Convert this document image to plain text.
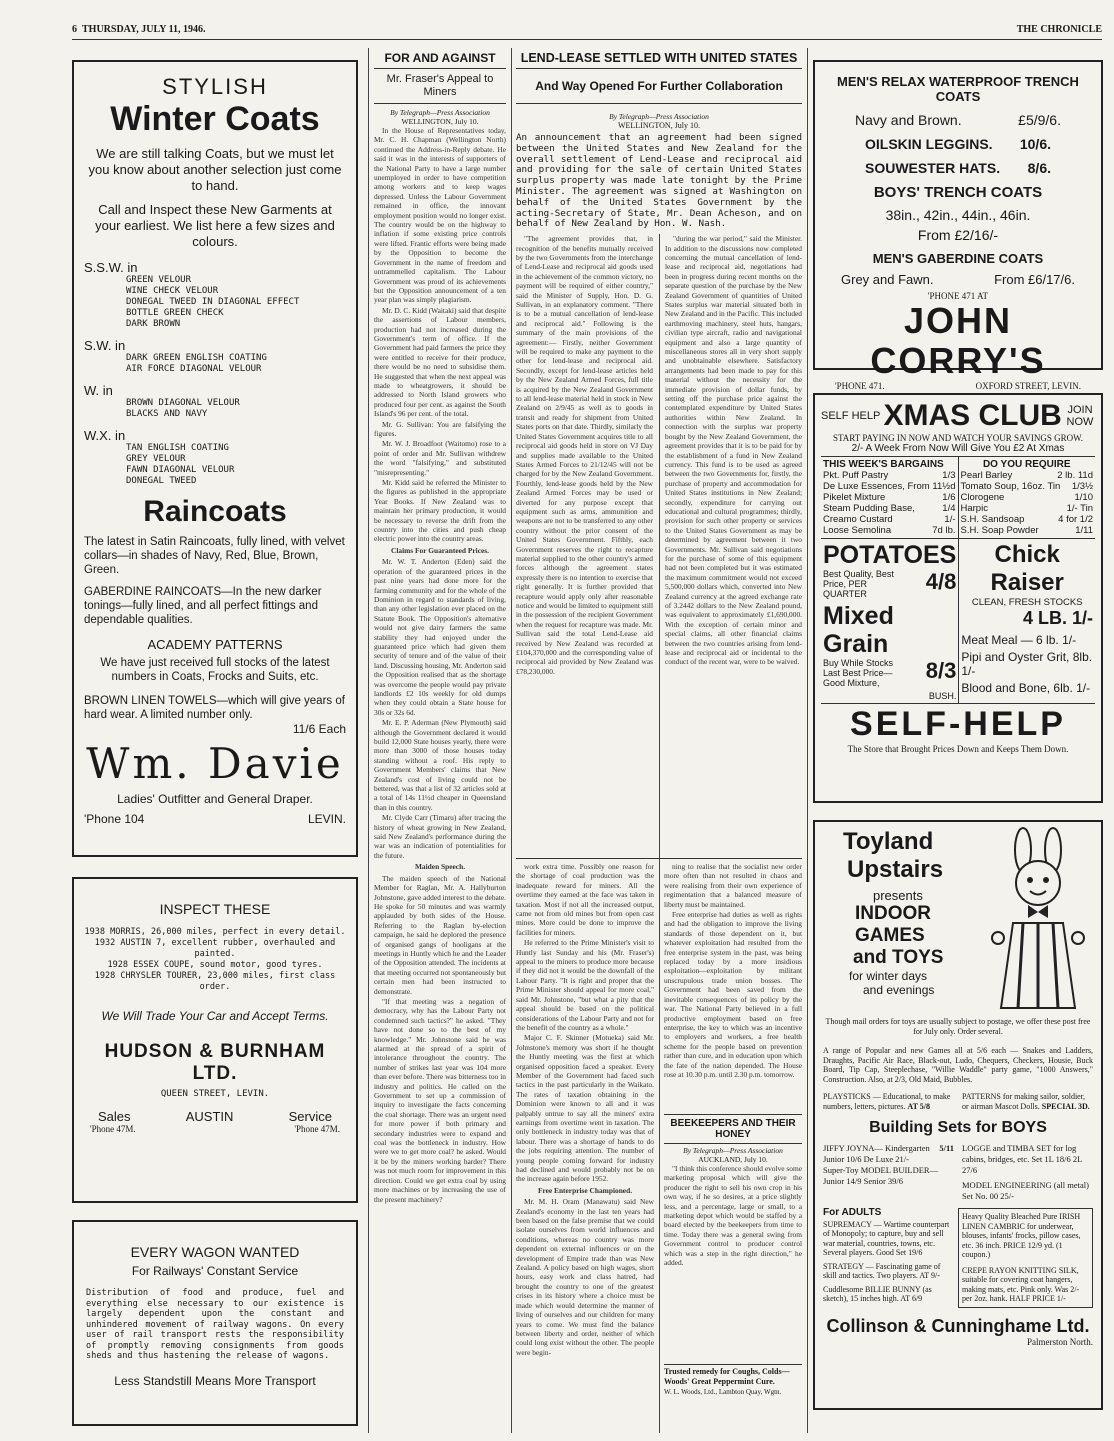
6 THURSDAY, JULY 11, 1946.	THE CHRONICLE
STYLISH
Winter Coats
We are still talking Coats, but we must let you know about another selection just come to hand.
Call and Inspect these New Garments at your earliest. We list here a few sizes and colours.
S.S.W. in
GREEN VELOUR
WINE CHECK VELOUR
DONEGAL TWEED IN DIAGONAL EFFECT
BOTTLE GREEN CHECK
DARK BROWN
S.W. in
DARK GREEN ENGLISH COATING
AIR FORCE DIAGONAL VELOUR
W. in
BROWN DIAGONAL VELOUR
BLACKS AND NAVY
W.X. in
TAN ENGLISH COATING
GREY VELOUR
FAWN DIAGONAL VELOUR
DONEGAL TWEED
Raincoats
The latest in Satin Raincoats, fully lined, with velvet collars—in shades of Navy, Red, Blue, Brown, Green.
GABERDINE RAINCOATS—In the new darker tonings—fully lined, and all perfect fittings and dependable qualities.
ACADEMY PATTERNS
We have just received full stocks of the latest numbers in Coats, Frocks and Suits, etc.
BROWN LINEN TOWELS—which will give years of hard wear. A limited number only.
11/6 Each
Wm. Davie
Ladies' Outfitter and General Draper.
'Phone 104	LEVIN.
INSPECT THESE
1938 MORRIS, 26,000 miles, perfect in every detail.
1932 AUSTIN 7, excellent rubber, overhauled and painted.
1928 ESSEX COUPE, sound motor, good tyres.
1928 CHRYSLER TOURER, 23,000 miles, first class order.
We Will Trade Your Car and Accept Terms.
HUDSON & BURNHAM LTD.
QUEEN STREET, LEVIN.
Sales	AUSTIN	Service
'Phone 47M.	'Phone 47M.
EVERY WAGON WANTED
For Railways' Constant Service
Distribution of food and produce, fuel and everything else necessary to our existence is largely dependent upon the constant and unhindered movement of railway wagons. On every user of rail transport rests the responsibility of promptly removing consignments from goods sheds and thus hastening the release of wagons.
Less Standstill Means More Transport
FOR AND AGAINST
Mr. Fraser's Appeal to Miners
By Telegraph—Press Association
WELLINGTON, July 10.

In the House of Representatives today, Mr. C. H. Chapman (Wellington North) continued the Address-in-Reply debate. He said it was in the interests of supporters of the National Party to have a large number unemployed in order to have competition among workers and to keep wages depressed. Unless the Labour Government remained in office, the innovant employment position would no longer exist. The country would be on the highway to inflation if some existing price controls were lifted. Frantic efforts were being made by the Opposition to become the Government in the name of freedom and untrammelled capitalism. The Labour Government was proud of its achievements but the Opposition announcement of a ten year plan was simply plagiarism.

Mr. D. C. Kidd (Waitaki) said that despite the assertions of Labour members, production had not increased during the Government's term of office. If the Government had paid farmers the price they were entitled to receive for their produce, there would be no need to subsidise them. He suggested that when the next appeal was made to wheatgrowers, it should be addressed to North Island growers who produced four per cent. as against the South Island's 96 per cent. of the total.

Mr. G. Sullivan: You are falsifying the figures.

Mr. W. J. Broadfoot (Waitomo) rose to a point of order and Mr. Sullivan withdrew the word "falsifying," and substituted "misrepresenting."

Mr. Kidd said he referred the Minister to the figures as published in the appropriate Year Books. If New Zealand was to maintain her primary production, it would be necessary to reverse the drift from the country into the cities and push cheap electric power into the country areas.

Claims For Guaranteed Prices.

Mr. W. T. Anderton (Eden) said the operation of the guaranteed prices in the past nine years had done more for the farming community and for the whole of the Dominion in regard to standards of living, than any other legislation ever placed on the Statute Book. The Opposition's alternative would not give dairy farmers the same stability they had enjoyed under the guaranteed price which had given them security of tenure and of the value of their land. Discussing housing, Mr. Anderton said the Opposition realised that as the shortage was overcome the people would pay private landlords £2 10s weekly for old dumps when they could obtain a State house for 30s or 32s 6d.

Mr. E. P. Aderman (New Plymouth) said although the Government declared it would build 12,000 State houses yearly, there were more than 3000 of those houses today standing without a roof. His reply to Government Members' claims that New Zealand's cost of living could not be bettered, was that a list of 32 articles sold at a total of 14s 11½d cheaper in Queensland than in this country.

Mr. Clyde Carr (Timaru) after tracing the history of wheat growing in New Zealand, said New Zealand's performance during the war was an indication of potentialities for the future.

Maiden Speech.

The maiden speech of the National Member for Raglan, Mr. A. Hallyburton Johnstone, gave added interest to the debate. He spoke for 50 minutes and was warmly applauded by both sides of the House. Referring to the Raglan by-election campaign, he said he deplored the presence of organised gangs of hooligans at the meetings in Huntly which he and the Leader of the Opposition attended. The incidents at that meeting occurred not spontaneously but certain men had been instructed to demonstrate.

"If that meeting was a negation of democracy, why has the Labour Party not condemned such tactics?" he asked. "They have not done so to the best of my knowledge." Mr. Johnstone said he was alarmed at the spread of a spirit of intolerance throughout the country. The number of strikes last year was 104 more than ever before. There was bitterness too in industry and politics. He called on the Government to set up a commission of inquiry to investigate the facts concerning the coal shortage. There was an urgent need for more power if both primary and secondary industries were to expand and coal was the bottleneck in industry. How were we to get more coal? he asked. Would it be by the miners working harder? There was not much room for improvement in this direction. Could we get extra coal by using more machines or by increasing the use of the present machinery?

LEND-LEASE SETTLED WITH UNITED STATES
And Way Opened For Further Collaboration
By Telegraph—Press Association
WELLINGTON, July 10.
An announcement that an agreement had been signed between the United States and New Zealand for the overall settlement of Lend-Lease and reciprocal aid and providing for the sale of certain United States surplus property was made late tonight by the Prime Minister. The agreement was signed at Washington on behalf of the United States Government by the acting-Secretary of State, Mr. Dean Acheson, and on behalf of New Zealand by Hon. W. Nash.
"The agreement provides that, in recognition of the benefits mutually received by the two Governments from the interchange of Lend-Lease and reciprocal aid goods used in the achievement of the common victory, no payment will be required of either country," said the Minister of Supply, Hon. D. G. Sullivan, in an explanatory comment. "There is to be a mutual cancellation of lend-lease and reciprocal aid." Following is the summary of the main provisions of the agreement:— Firstly, neither Government will be required to make any payment to the other for lend-lease and reciprocal aid. Secondly, except for lend-lease articles held by the New Zealand Armed Forces, full title is acquired by the New Zealand Government to all lend-lease material held in stock in New Zealand on 2/9/45 as well as to goods in transit and ready for shipment from United States ports on that date. Thirdly, similarly the United States Government acquires title to all reciprocal aid goods held in store on VJ Day and supplies made available to the United States Armed Forces to 21/12/45 will not be charged for by the New Zealand Government. Fourthly, lend-lease goods held by the New Zealand Armed Forces may be used or diverted for any purpose except that equipment such as arms, ammunition and weapons are not to be transferred to any other country without the prior consent of the United States Government. Fifthly, each Government reserves the right to recapture material supplied to the other country's armed forces although the agreement states expressly there is no intention to exercise that right generally. It is further provided that recapture would apply only after reasonable notice and would be limited to equipment still in the possession of the recipient Government when the request for recapture was made. Mr. Sullivan said the total Lend-Lease aid received by New Zealand was recorded at £104,370,000 and the corresponding value of reciprocal aid provided by New Zealand was £78,230,000.
"during the war period," said the Minister. In addition to the discussions now completed concerning the mutual cancellation of lend-lease and reciprocal aid, negotiations had been in progress during recent months on the separate question of the purchase by the New Zealand Government of quantities of United States surplus war material situated both in New Zealand and in the Pacific. This included earthmoving machinery, steel huts, hangars, civilian type aircraft, radio and navigational equipment and also a large quantity of miscellaneous stores all in very short supply and unobtainable elsewhere. Satisfactory arrangements had been made to pay for this material without the necessity for the immediate provision of dollar funds, by setting off the purchase price against the contemplated expenditure by United States authorities within New Zealand. In connection with the surplus war property bought by the New Zealand Government, the agreement provides that it is to be paid for by the establishment of a fund in New Zealand currency. This fund is to be used as agreed between the two Governments for, firstly, the purchase of property and accommodation for United States institutions in New Zealand; secondly, expenditure for carrying out educational and cultural programmes; thirdly, provision for such other property or services to the United States Government as may be determined by agreement between it two Governments. Mr. Sullivan said negotiations for the purchase of some of this equipment had not been completed but it was estimated the maximum commitment would not exceed 5,500,000 dollars which, converted into New Zealand currency at the agreed exchange rate of 3.2442 dollars to the New Zealand pound, was equivalent to approximately £1,690,000. With the exception of certain minor and special claims, all other financial claims between the two countries arising from lend-lease and reciprocal aid or incidental to the conduct of the recent war, were to be waived.

work extra time. Possibly one reason for the shortage of coal production was the inadequate reward for miners. All the overtime they earned at the face was taken in taxation. Most if not all the increased output, came not from old mines but from open cast mines. More could be done to improve the facilities for miners.

He referred to the Prime Minister's visit to Huntly last Sunday and his (Mr. Fraser's) appeal to the miners to produce more because if they did not it would be the downfall of the Labour Party. "It is right and proper that the Prime Minister should appeal for more coal," said Mr. Johnstone, "but what a pity that the appeal should be based on the political considerations of the Labour Party and not for the benefit of the country as a whole."

Major C. F. Skinner (Motueka) said Mr. Johnstone's memory was short if he thought the Huntly meeting was the first at which organised opposition faced a speaker. Every Member of the Government had faced such tactics in the past particularly in the Waikato. The rates of taxation obtaining in the Dominion were known to all and it was palpably untrue to say all the miners' extra earnings from overtime went in taxation. The only bottleneck in industry today was that of labour. There was a shortage of hands to do the jobs requiring attention. The number of young people coming forward for industry had declined and would probably not be on the increase again before 1952.

Free Enterprise Championed.

Mr. M. H. Oram (Manawatu) said New Zealand's economy in the last ten years had been based on the false premise that we could isolate ourselves from world influences and conditions, whereas no country was more dependent on external influences or on the development of Empire trade than was New Zealand. A policy based on high wages, short hours, easy work and class hatred, had brought the country to one of the greatest crises in its history where a choice must be made which would determine the manner of living of ourselves and our children for many years to come. We must find the balance between liberty and order, neither of which could long exist without the other. The people were begin-

ning to realise that the socialist new order more often than not resulted in chaos and were realising from their own experience of regimentation that a balanced measure of liberty must be maintained.

Free enterprise had duties as well as rights and had the obligation to improve the living standards of those dependent on it, but whatever exploitation had resulted from the free enterprise system in the past, was being replaced today by a more insidious exploitation—exploitation by militant unscrupulous trade union bosses. The Government had been saved from the inevitable consequences of its policy by the war. The National Party believed in a full productive employment based on free enterprise, the key to which was an incentive to employers and workers, a free health scheme for the people based on prevention rather than cure, and in education upon which the fate of the nation depended. The House rose at 10.30 p.m. until 2.30 p.m. tomorrow.

BEEKEEPERS AND THEIR HONEY
By Telegraph—Press Association
AUCKLAND, July 10.

"I think this conference should evolve some marketing proposal which will give the producer the right to sell his own crop in his own way, if he so desires, at a price slightly less, and a percentage, large or small, to a marketing depot which would be staffed by a board elected by the beekeepers from time to time. Today there was a general swing from Government control to producer control which was a step in the right direction," he added.

Trusted remedy for Coughs, Colds—Woods' Great Peppermint Cure.
W. L. Woods, Ltd., Lambton Quay, Wgtn.
MEN'S RELAX WATERPROOF TRENCH COATS
Navy and Brown.	£5/9/6.
OILSKIN LEGGINS. 10/6.
SOUWESTER HATS. 8/6.
BOYS' TRENCH COATS
38in., 42in., 44in., 46in.
From £2/16/-
MEN'S GABERDINE COATS
Grey and Fawn.	From £6/17/6.
'PHONE 471 AT
JOHN CORRY'S
'PHONE 471.	OXFORD STREET, LEVIN.
SELF HELP XMAS CLUB JOIN NOW
START PAYING IN NOW AND WATCH YOUR SAVINGS GROW.
2/- A Week From Now Will Give You £2 At Xmas
THIS WEEK'S BARGAINS
Pkt. Puff Pastry	1/3
De Luxe Essences, From 11½d
Pikelet Mixture	1/6
Steam Pudding Base,	1/4
Creamo Custard	1/-
Loose Semolina	7d lb.
DO YOU REQUIRE
Pearl Barley	2 lb. 11d
Tomato Soup, 16oz. Tin 1/3½
Clorogene	1/10
Harpic	1/- Tin
S.H. Sandsoap	4 for 1/2
S.H. Soap Powder	1/11
POTATOES
Best Quality, Best Price, PER QUARTER	4/8
Mixed Grain
Buy While Stocks Last Best Price— Good Mixture, 8/3
BUSH.
Chick Raiser
CLEAN, FRESH STOCKS
4 LB. 1/-
Meat Meal — 6 lb. 1/-
Pipi and Oyster Grit, 8lb. 1/-
Blood and Bone, 6lb. 1/-
SELF-HELP
The Store that Brought Prices Down and Keeps Them Down.
Toyland
Upstairs
presents
INDOOR
GAMES
and TOYS
for winter days
and evenings
Though mail orders for toys are usually subject to postage, we offer these post free for July only. Order several.
A range of Popular and new Games all at 5/6 each — Snakes and Ladders, Draughts, Pacific Air Race, Black-out, Ludo, Chequers, Checkers, Housie, Buck Board, Tip Cap, Steeplechase, "Willie Waddle" party game, "1000 Answers," Construction. Also, at 2/3, Old Maid, Bubbles.
PLAYSTICKS — Educational, to make numbers, letters, pictures. AT 5/8
PATTERNS for making sailor, soldier, or airman Mascot Dolls. SPECIAL 3D.
Building Sets for BOYS
JIFFY JOYNA— Kindergarten 5/11
Junior 10/6 De Luxe 21/-
Super-Toy MODEL BUILDER— Junior 14/9 Senior 39/6
LOGGE and TIMBA SET for log cabins, bridges, etc. Set 1L 18/6 2L 27/6
MODEL ENGINEERING (all metal) Set No. 00 25/-
For ADULTS
SUPREMACY — Wartime counterpart of Monopoly; to capture, buy and sell war material, countries, towns, etc. Several players. Good Set 19/6
STRATEGY — Fascinating game of skill and tactics. Two players. AT 9/-
Cuddlesome BILLIE BUNNY (as sketch), 15 inches high. AT 6/9
Heavy Quality Bleached Pure IRISH LINEN CAMBRIC for underwear, blouses, infants' frocks, pillow cases, etc. 36 inch. PRICE 12/9 yd. (1 coupon.)
CREPE RAYON KNITTING SILK, suitable for covering coat hangers, making mats, etc. Pink only. Was 2/- per 2oz. hank. HALF PRICE 1/-
Collinson & Cunninghame Ltd.
Palmerston North.
